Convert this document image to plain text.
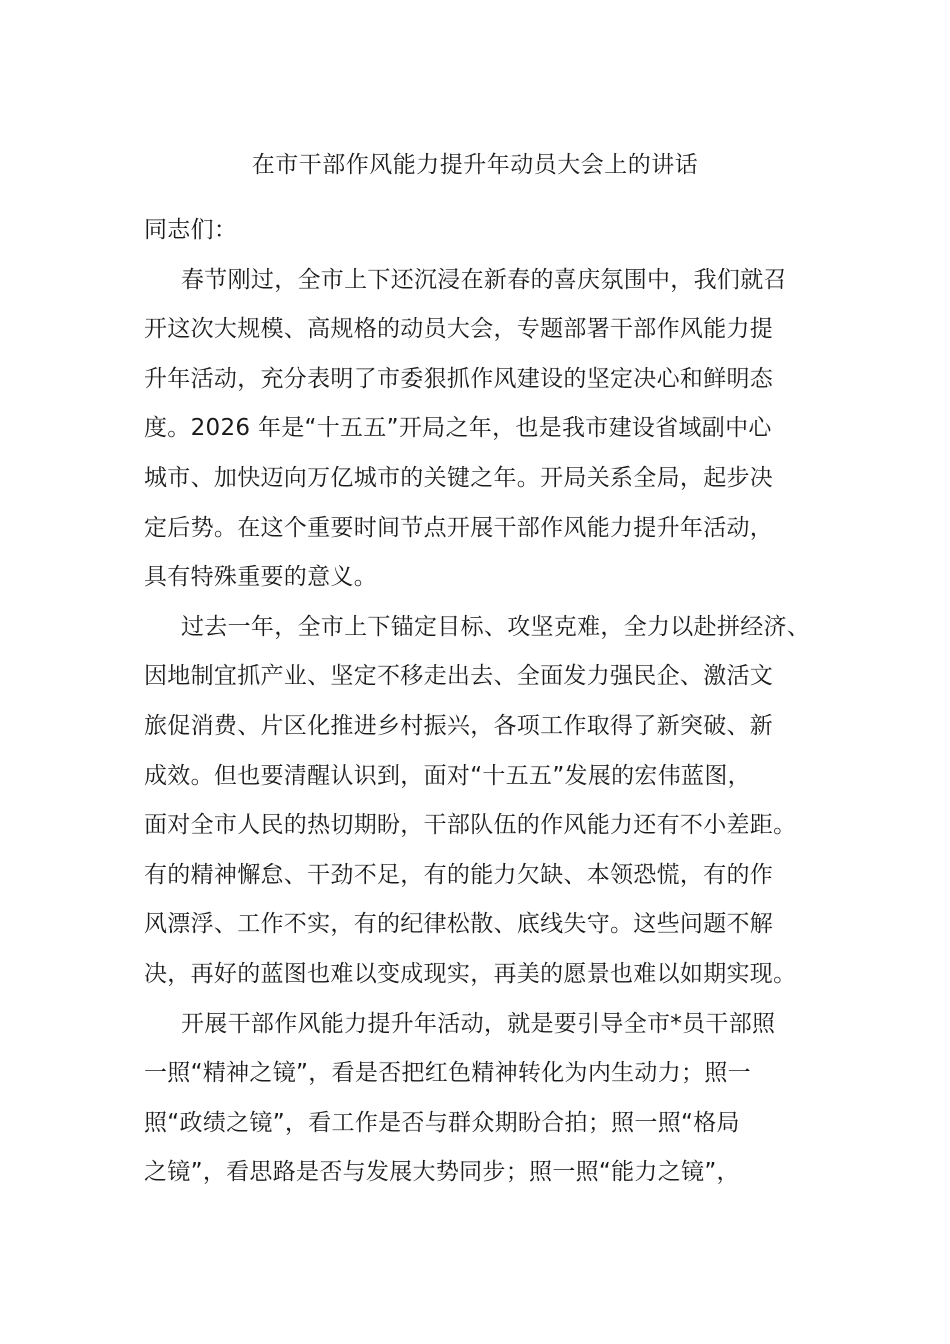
在市干部作风能力提升年动员大会上的讲话
同志们：
春节刚过，全市上下还沉浸在新春的喜庆氛围中，我们就召
开这次大规模、高规格的动员大会，专题部署干部作风能力提
升年活动，充分表明了市委狠抓作风建设的坚定决心和鲜明态
度。2026 年是“十五五”开局之年，也是我市建设省域副中心
城市、加快迈向万亿城市的关键之年。开局关系全局，起步决
定后势。在这个重要时间节点开展干部作风能力提升年活动，
具有特殊重要的意义。
过去一年，全市上下锚定目标、攻坚克难，全力以赴拼经济、
因地制宜抓产业、坚定不移走出去、全面发力强民企、激活文
旅促消费、片区化推进乡村振兴，各项工作取得了新突破、新
成效。但也要清醒认识到，面对“十五五”发展的宏伟蓝图，
面对全市人民的热切期盼，干部队伍的作风能力还有不小差距。
有的精神懈怠、干劲不足，有的能力欠缺、本领恐慌，有的作
风漂浮、工作不实，有的纪律松散、底线失守。这些问题不解
决，再好的蓝图也难以变成现实，再美的愿景也难以如期实现。
开展干部作风能力提升年活动，就是要引导全市*员干部照
一照“精神之镜”，看是否把红色精神转化为内生动力；照一
照“政绩之镜”，看工作是否与群众期盼合拍；照一照“格局
之镜”，看思路是否与发展大势同步；照一照“能力之镜”，
